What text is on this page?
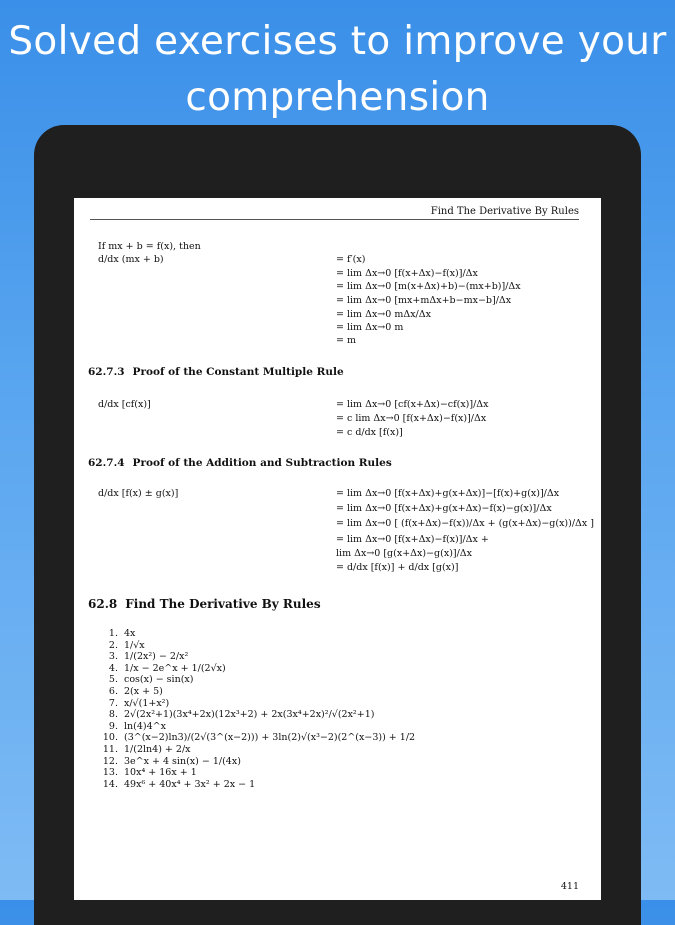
Solved exercises to improve your comprehension
Find The Derivative By Rules
If mx + b = f(x), then
d/dx (mx + b)	= f′(x)
= lim Δx→0 [f(x+Δx)−f(x)]/Δx
= lim Δx→0 [m(x+Δx)+b)−(mx+b)]/Δx
= lim Δx→0 [mx+mΔx+b−mx−b]/Δx
= lim Δx→0 mΔx/Δx
= lim Δx→0 m
= m
62.7.3 Proof of the Constant Multiple Rule
d/dx [cf(x)]	= lim Δx→0 [cf(x+Δx)−cf(x)]/Δx
= c lim Δx→0 [f(x+Δx)−f(x)]/Δx
= c d/dx [f(x)]
62.7.4 Proof of the Addition and Subtraction Rules
d/dx [f(x) ± g(x)]	= lim Δx→0 [f(x+Δx)+g(x+Δx)]−[f(x)+g(x)]/Δx
= lim Δx→0 [f(x+Δx)+g(x+Δx)−f(x)−g(x)]/Δx
= lim Δx→0 [ (f(x+Δx)−f(x))/Δx + (g(x+Δx)−g(x))/Δx ]
= lim Δx→0 [f(x+Δx)−f(x)]/Δx +
lim Δx→0 [g(x+Δx)−g(x)]/Δx
= d/dx [f(x)] + d/dx [g(x)]
62.8 Find The Derivative By Rules
1. 4x
2. 1/√x
3. 1/(2x²) − 2/x²
4. 1/x − 2e^x + 1/(2√x)
5. cos(x) − sin(x)
6. 2(x + 5)
7. x/√(1+x²)
8. 2√(2x²+1)(3x⁴+2x)(12x³+2) + 2x(3x⁴+2x)²/√(2x²+1)
9. ln(4)4^x
10. (3^(x−2)ln3)/(2√(3^(x−2))) + 3ln(2)√(x³−2)(2^(x−3)) + 1/2
11. 1/(2ln4) + 2/x
12. 3e^x + 4 sin(x) − 1/(4x)
13. 10x⁴ + 16x + 1
14. 49x⁶ + 40x⁴ + 3x² + 2x − 1
411
